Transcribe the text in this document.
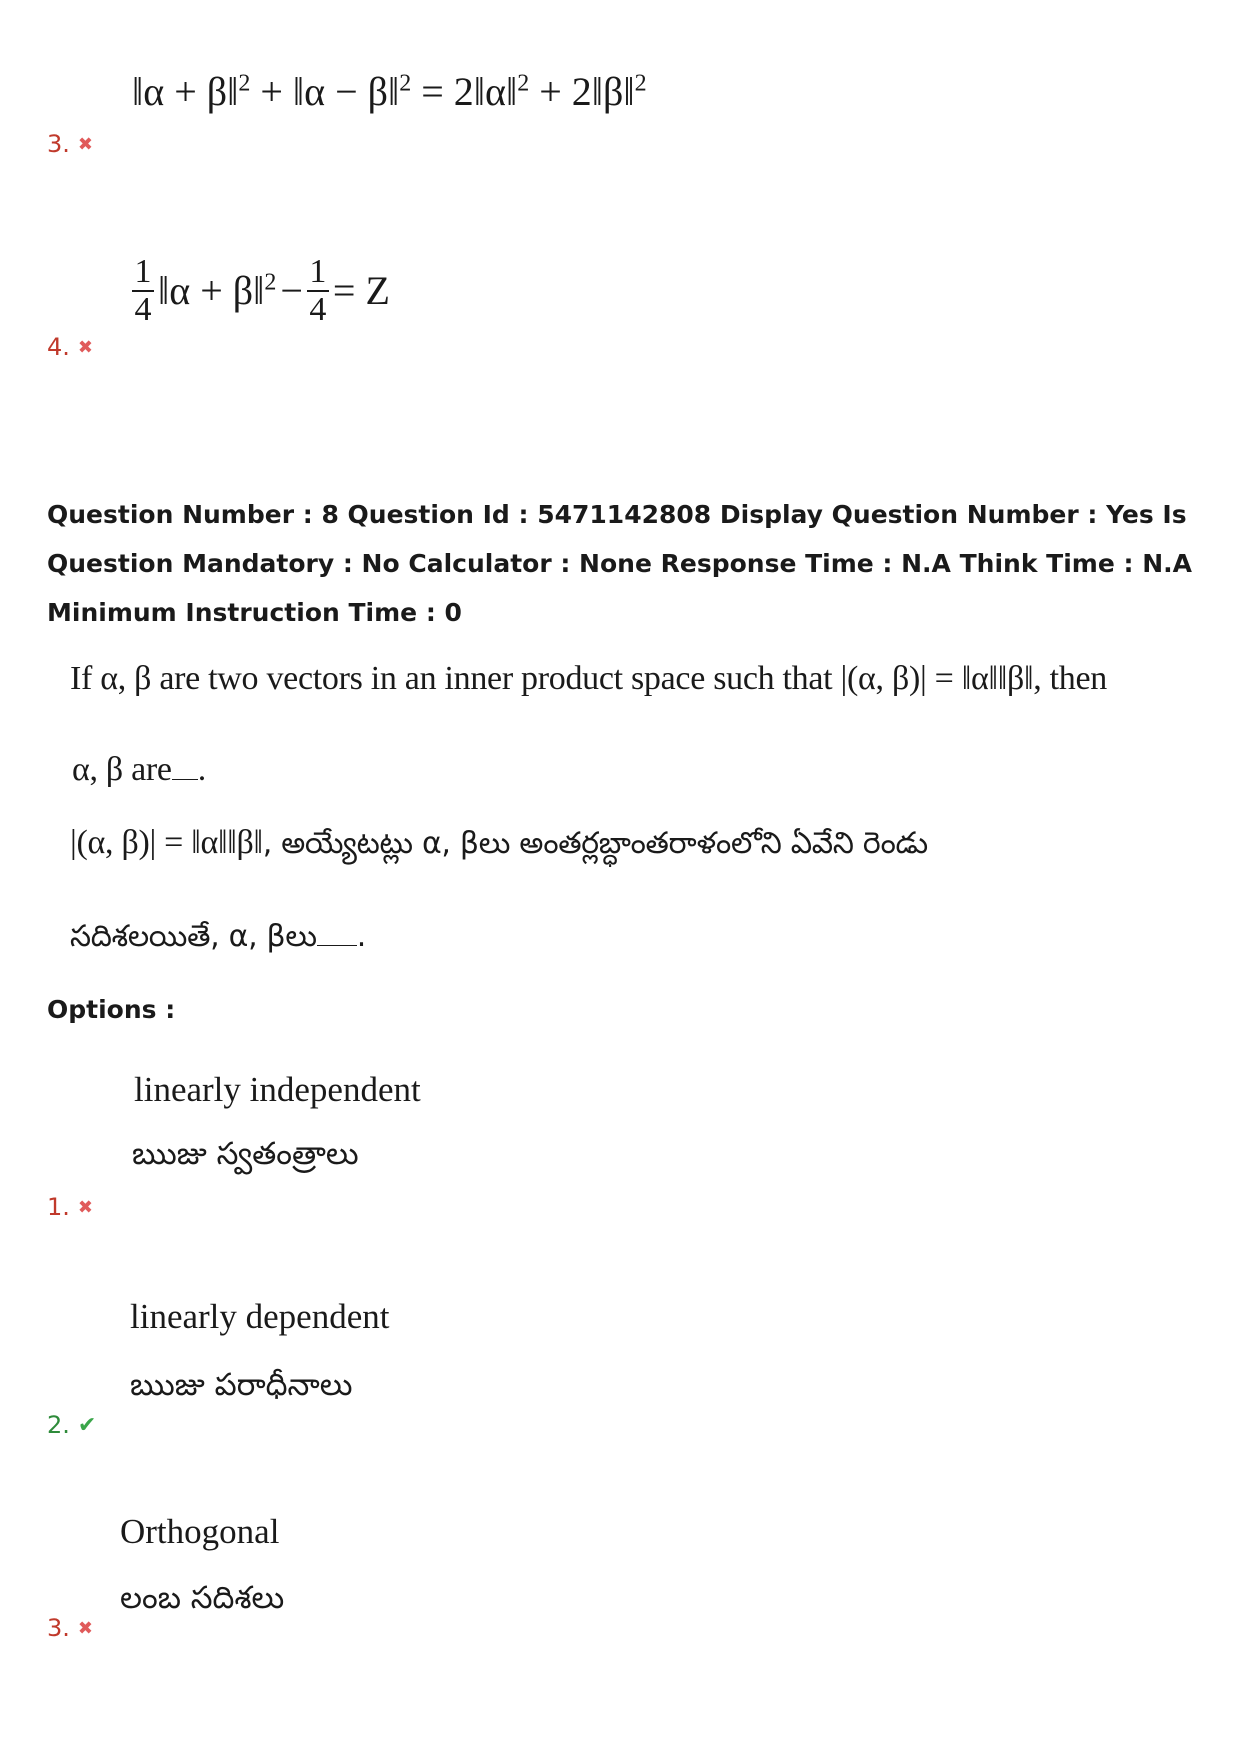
‖α + β‖$^2$ + ‖α − β‖$^2$ = 2‖α‖$^2$ + 2‖β‖$^2$
3. ✖
$\frac{1}{4}$ ‖α + β‖$^2$ − $\frac{1}{4} = Z$
4. ✖
Question Number : 8 Question Id : 5471142808 Display Question Number : Yes Is Question Mandatory : No Calculator : None Response Time : N.A Think Time : N.A Minimum Instruction Time : 0
If α, β are two vectors in an inner product space such that |(α, β)| = ‖α‖‖β‖, then
α, β are .
|(α, β)| = ‖α‖‖β‖, అయ్యేటట్లు α, βలు అంతర్లబ్ధాంతరాళంలోని ఏవేని రెండు
సదిశలయితే, α, βలు .
Options :
linearly independent
ఋజు స్వతంత్రాలు
1. ✖
linearly dependent
ఋజు పరాధీనాలు
2. ✔
Orthogonal
లంబ సదిశలు
3. ✖
